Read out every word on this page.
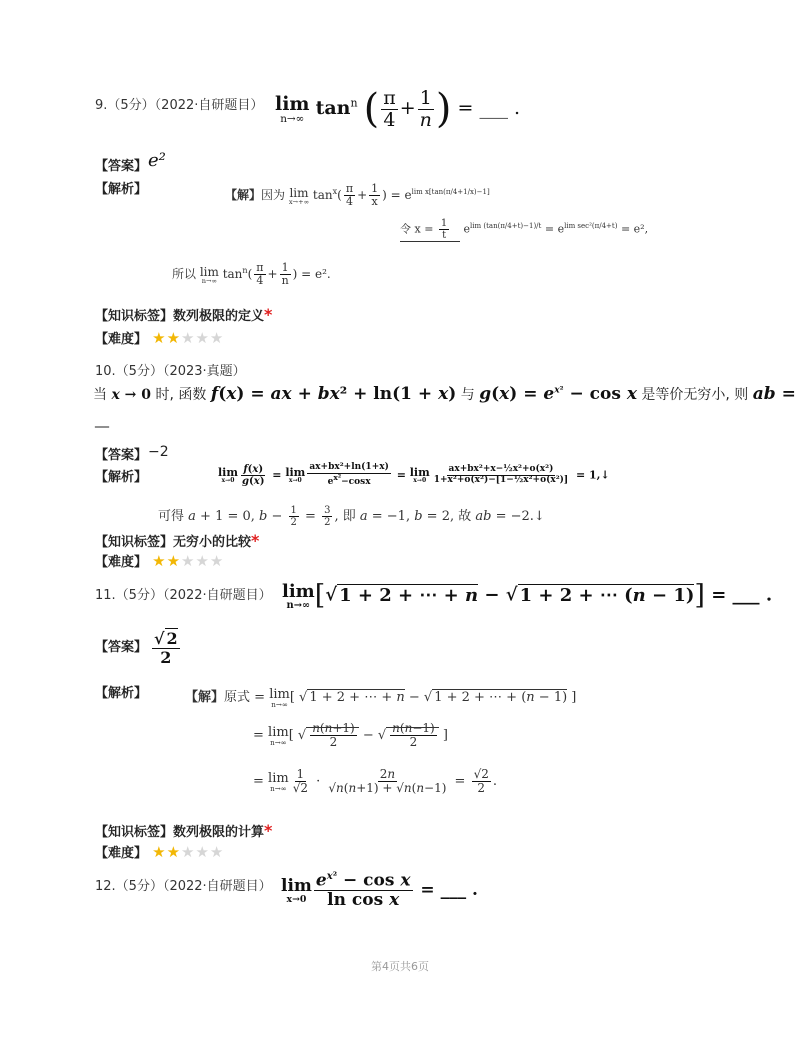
9.（5分）（2022·自研题目） lim
n→∞ $\tan^n$ ( $\frac{\pi}{4} + \frac{1}{n}$ ) = ___ .
【答案】 e²
【解析】	【解】因为 lim
x→+∞ $\tan^x( \frac{\pi}{4} + \frac{1}{x}$ ) = $e^{lim x[tan(\pi/4+1/x)-1]}$
令 $x = \frac{1}{t} e^{lim (tan(\pi/4+t)-1)/t} = e^{lim sec^2(\pi/4+t)} = e^2$,
所以 lim
n→∞ $\tan^n( \frac{\pi}{4} + \frac{1}{n}$ ) = e².
【知识标签】数列极限的定义*
【难度】 ★★★★★
10.（5分）（2023·真题）
当 x → 0 时, 函数 f(x) = ax + bx² + ln(1 + x) 与 $g(x) = e^{x^2} - \cos x$ 是等价无穷小, 则 ab =
__
【答案】 −2
【解析】	lim
$x\to 0 \frac{f(x)}{g(x)} = \lim$
$x\to 0 \frac{\text{ax+bx²+ln(1+x)}}{e^{x^2}-\cos x} = \lim$
$x\to 0 \frac{\text{ax+bx²+x−½x²+o(x²)}}{\text{1+x²+o(x²)−[1−½x²+o(x²)]}}$ = 1,↓
可得 a + 1 = 0, $b - \frac{1}{2} = \frac{3}{2}$ , 即 a = −1, b = 2, 故 ab = −2.↓
【知识标签】无穷小的比较*
【难度】 ★★★★★
11.（5分）（2022·自研题目） lim
n→∞ [√ 1 + 2 + ⋯ + n − √ 1 + 2 + ⋯ (n − 1)] = ___ .
【答案】 $\frac{√ 2}{2}$
【解析】	【解】原式 = lim
n→∞ [ √ 1 + 2 + ⋯ + n − √ 1 + 2 + ⋯ + (n − 1) ]
= lim
n→∞ [ √ $\frac{n(n+1)}{2}$ − √ $\frac{n(n-1)}{2}$ ]
= lim
$n\to\infty \frac{1}{√2} \cdot \frac{2n}{√n(n+1) + √n(n-1)} = \frac{√2}{2}$ .
【知识标签】数列极限的计算*
【难度】 ★★★★★
12.（5分）（2022·自研题目） lim
$x\to 0 \frac{e^{x^2} - \cos x}{\text{ln cos x}}$ = ___ .
第4页共6页
